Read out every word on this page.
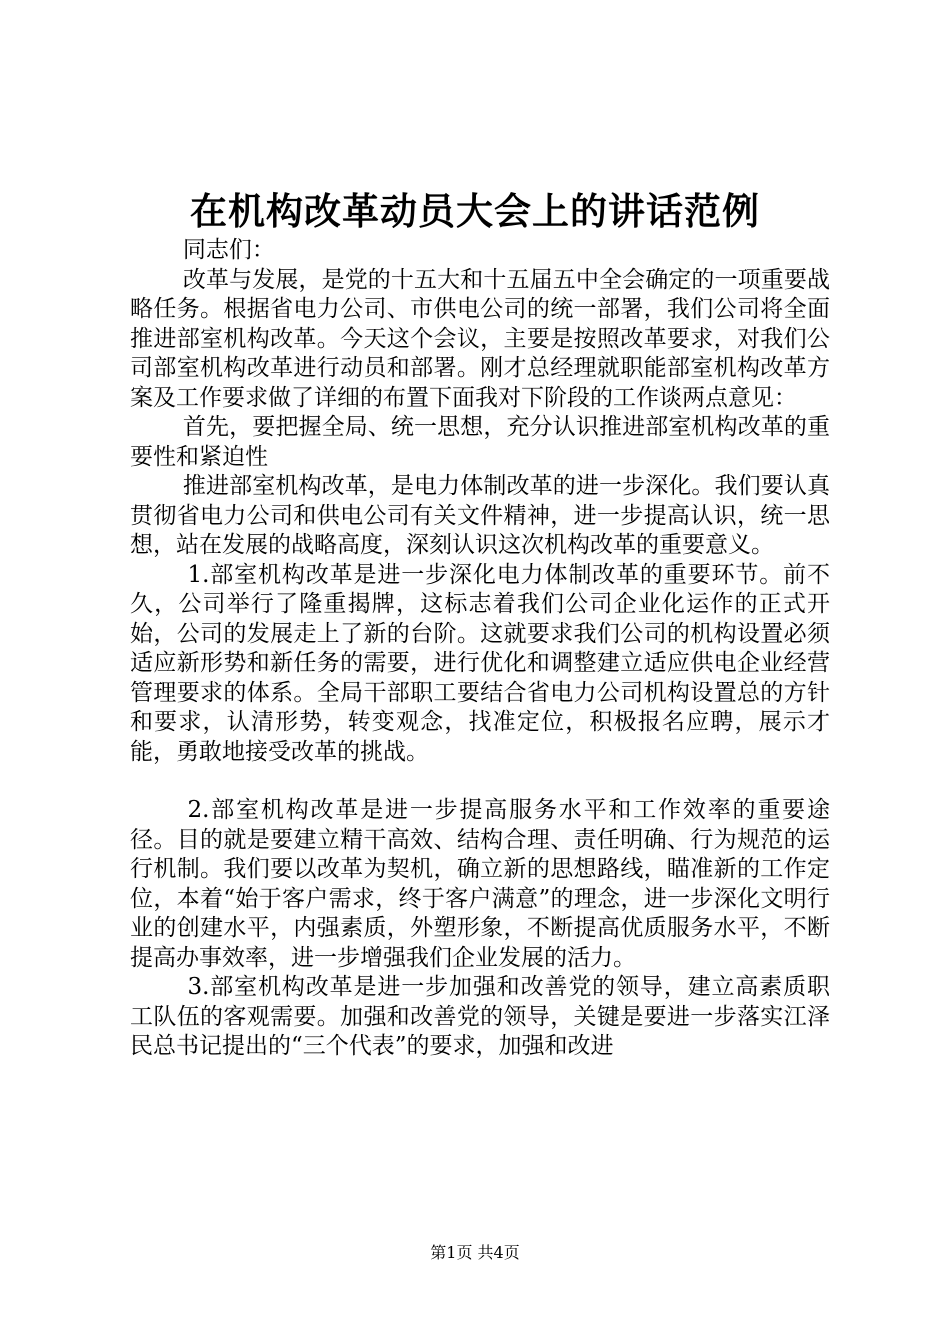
在机构改革动员大会上的讲话范例

同志们：

改革与发展，是党的十五大和十五届五中全会确定的一项重要战略任务。根据省电力公司、市供电公司的统一部署，我们公司将全面推进部室机构改革。今天这个会议，主要是按照改革要求，对我们公司部室机构改革进行动员和部署。刚才总经理就职能部室机构改革方案及工作要求做了详细的布置下面我对下阶段的工作谈两点意见：

首先，要把握全局、统一思想，充分认识推进部室机构改革的重要性和紧迫性

推进部室机构改革，是电力体制改革的进一步深化。我们要认真贯彻省电力公司和供电公司有关文件精神，进一步提高认识，统一思想，站在发展的战略高度，深刻认识这次机构改革的重要意义。

1.部室机构改革是进一步深化电力体制改革的重要环节。前不久，公司举行了隆重揭牌，这标志着我们公司企业化运作的正式开始，公司的发展走上了新的台阶。这就要求我们公司的机构设置必须适应新形势和新任务的需要，进行优化和调整建立适应供电企业经营管理要求的体系。全局干部职工要结合省电力公司机构设置总的方针和要求，认清形势，转变观念，找准定位，积极报名应聘，展示才能，勇敢地接受改革的挑战。

2.部室机构改革是进一步提高服务水平和工作效率的重要途径。目的就是要建立精干高效、结构合理、责任明确、行为规范的运行机制。我们要以改革为契机，确立新的思想路线，瞄准新的工作定位，本着“始于客户需求，终于客户满意”的理念，进一步深化文明行业的创建水平，内强素质，外塑形象，不断提高优质服务水平，不断提高办事效率，进一步增强我们企业发展的活力。

3.部室机构改革是进一步加强和改善党的领导，建立高素质职工队伍的客观需要。加强和改善党的领导，关键是要进一步落实江泽民总书记提出的“三个代表”的要求，加强和改进

第1页 共4页
